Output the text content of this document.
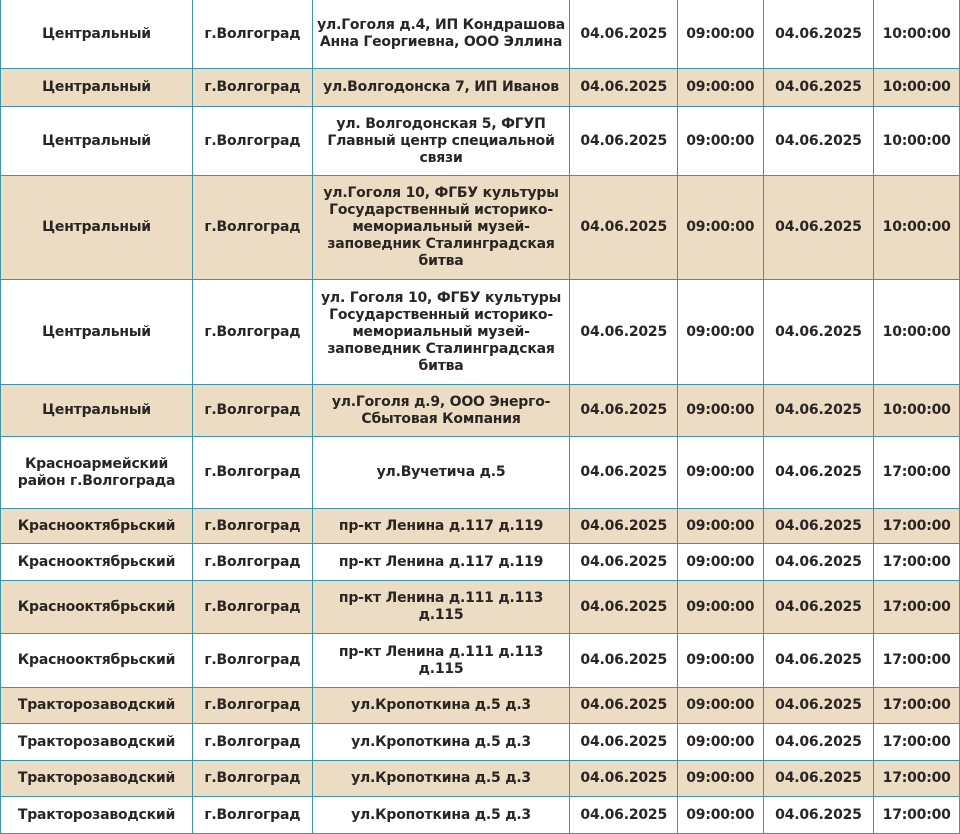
Центральный	г.Волгоград	ул.Гоголя д.4, ИП Кондрашова Анна Георгиевна, ООО Эллина	04.06.2025	09:00:00	04.06.2025	10:00:00
Центральный	г.Волгоград	ул.Волгодонска 7, ИП Иванов	04.06.2025	09:00:00	04.06.2025	10:00:00
Центральный	г.Волгоград	ул. Волгодонская 5, ФГУП Главный центр специальной связи	04.06.2025	09:00:00	04.06.2025	10:00:00
Центральный	г.Волгоград	ул.Гоголя 10, ФГБУ культуры Государственный историко-мемориальный музей-заповедник Сталинградская битва	04.06.2025	09:00:00	04.06.2025	10:00:00
Центральный	г.Волгоград	ул. Гоголя 10, ФГБУ культуры Государственный историко-мемориальный музей-заповедник Сталинградская битва	04.06.2025	09:00:00	04.06.2025	10:00:00
Центральный	г.Волгоград	ул.Гоголя д.9, ООО Энерго-Сбытовая Компания	04.06.2025	09:00:00	04.06.2025	10:00:00
Красноармейский район г.Волгограда	г.Волгоград	ул.Вучетича д.5	04.06.2025	09:00:00	04.06.2025	17:00:00
Краснооктябрьский	г.Волгоград	пр-кт Ленина д.117 д.119	04.06.2025	09:00:00	04.06.2025	17:00:00
Краснооктябрьский	г.Волгоград	пр-кт Ленина д.117 д.119	04.06.2025	09:00:00	04.06.2025	17:00:00
Краснооктябрьский	г.Волгоград	пр-кт Ленина д.111 д.113 д.115	04.06.2025	09:00:00	04.06.2025	17:00:00
Краснооктябрьский	г.Волгоград	пр-кт Ленина д.111 д.113 д.115	04.06.2025	09:00:00	04.06.2025	17:00:00
Тракторозаводский	г.Волгоград	ул.Кропоткина д.5 д.3	04.06.2025	09:00:00	04.06.2025	17:00:00
Тракторозаводский	г.Волгоград	ул.Кропоткина д.5 д.3	04.06.2025	09:00:00	04.06.2025	17:00:00
Тракторозаводский	г.Волгоград	ул.Кропоткина д.5 д.3	04.06.2025	09:00:00	04.06.2025	17:00:00
Тракторозаводский	г.Волгоград	ул.Кропоткина д.5 д.3	04.06.2025	09:00:00	04.06.2025	17:00:00
